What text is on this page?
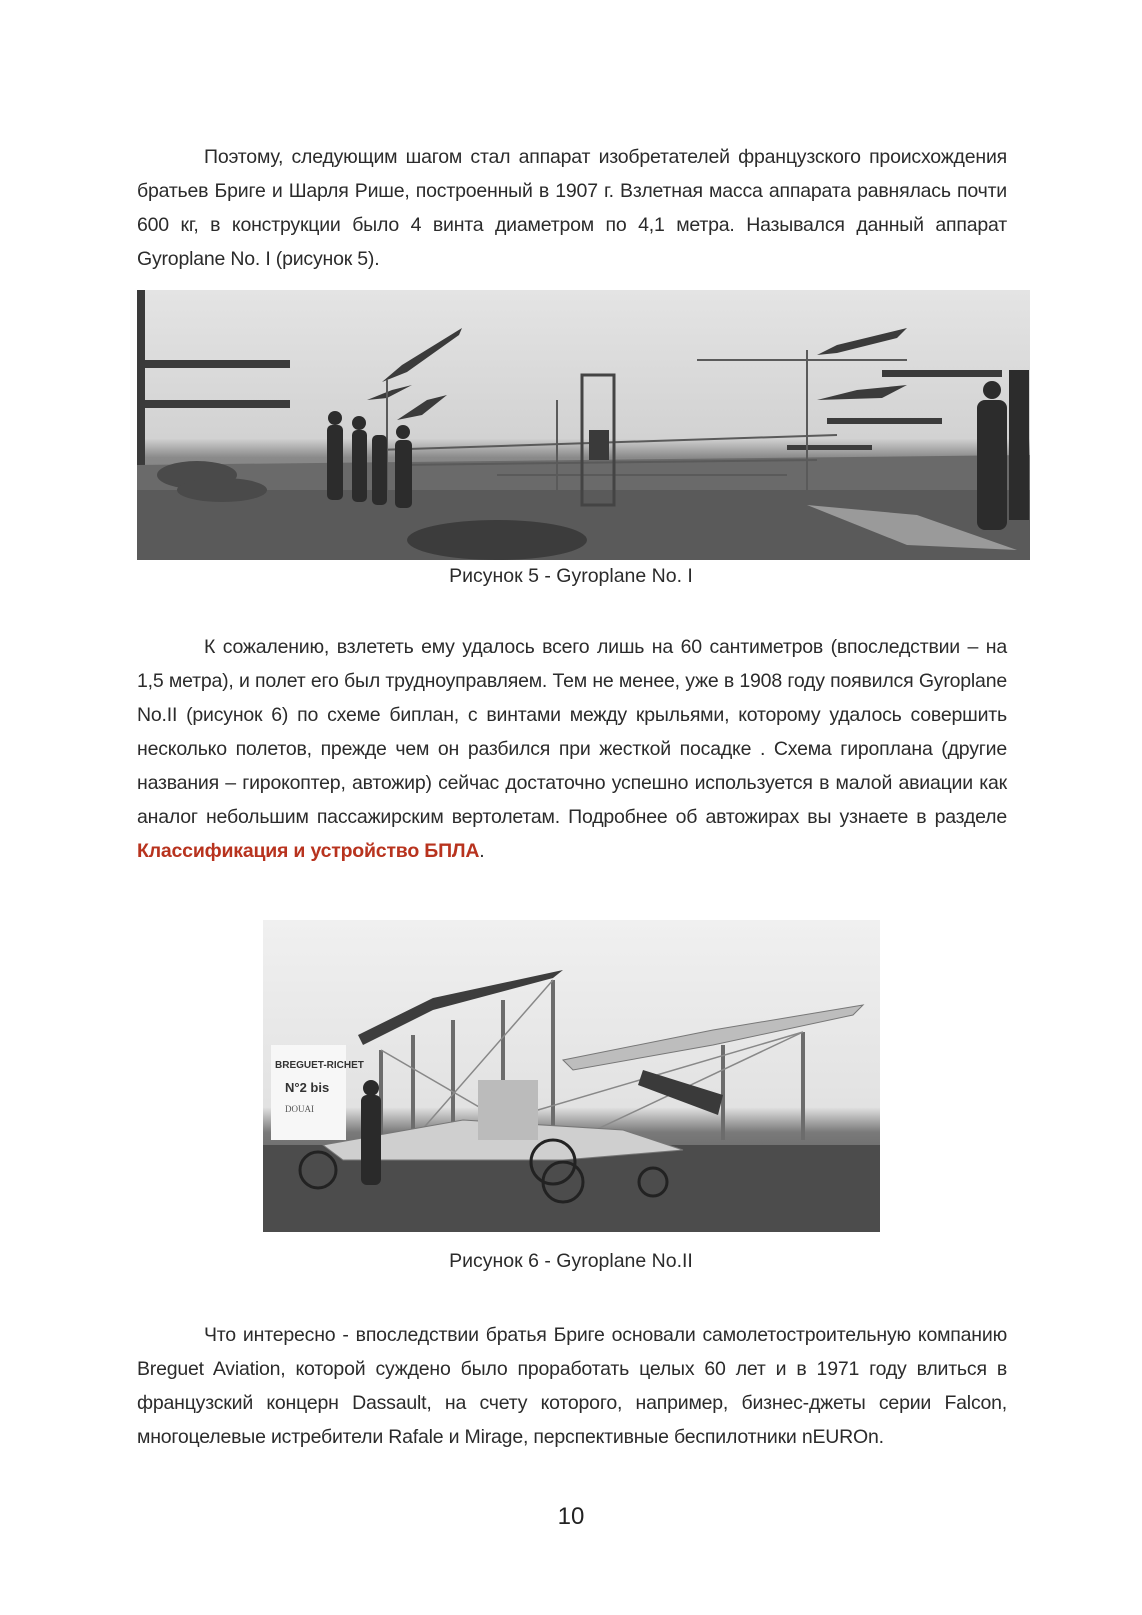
Поэтому, следующим шагом стал аппарат изобретателей французского происхождения братьев Бриге и Шарля Рише, построенный в 1907 г. Взлетная масса аппарата равнялась почти 600 кг, в конструкции было 4 винта диаметром по 4,1 метра. Назывался данный аппарат Gyroplane No. I (рисунок 5).

Рисунок 5 - Gyroplane No. I

К сожалению, взлететь ему удалось всего лишь на 60 сантиметров (впоследствии – на 1,5 метра), и полет его был трудноуправляем. Тем не менее, уже в 1908 году появился Gyroplane No.II (рисунок 6) по схеме биплан, с винтами между крыльями, которому удалось совершить несколько полетов, прежде чем он разбился при жесткой посадке . Схема гироплана (другие названия – гирокоптер, автожир) сейчас достаточно успешно используется в малой авиации как аналог небольшим пассажирским вертолетам. Подробнее об автожирах вы узнаете в разделе Классификация и устройство БПЛА.

BREGUET-RICHET
N°2 bis
DOUAI
Рисунок 6 - Gyroplane No.II

Что интересно - впоследствии братья Бриге основали самолетостроительную компанию Breguet Aviation, которой суждено было проработать целых 60 лет и в 1971 году влиться в французский концерн Dassault, на счету которого, например, бизнес-джеты серии Falcon, многоцелевые истребители Rafale и Mirage, перспективные беспилотники nEUROn.

10
